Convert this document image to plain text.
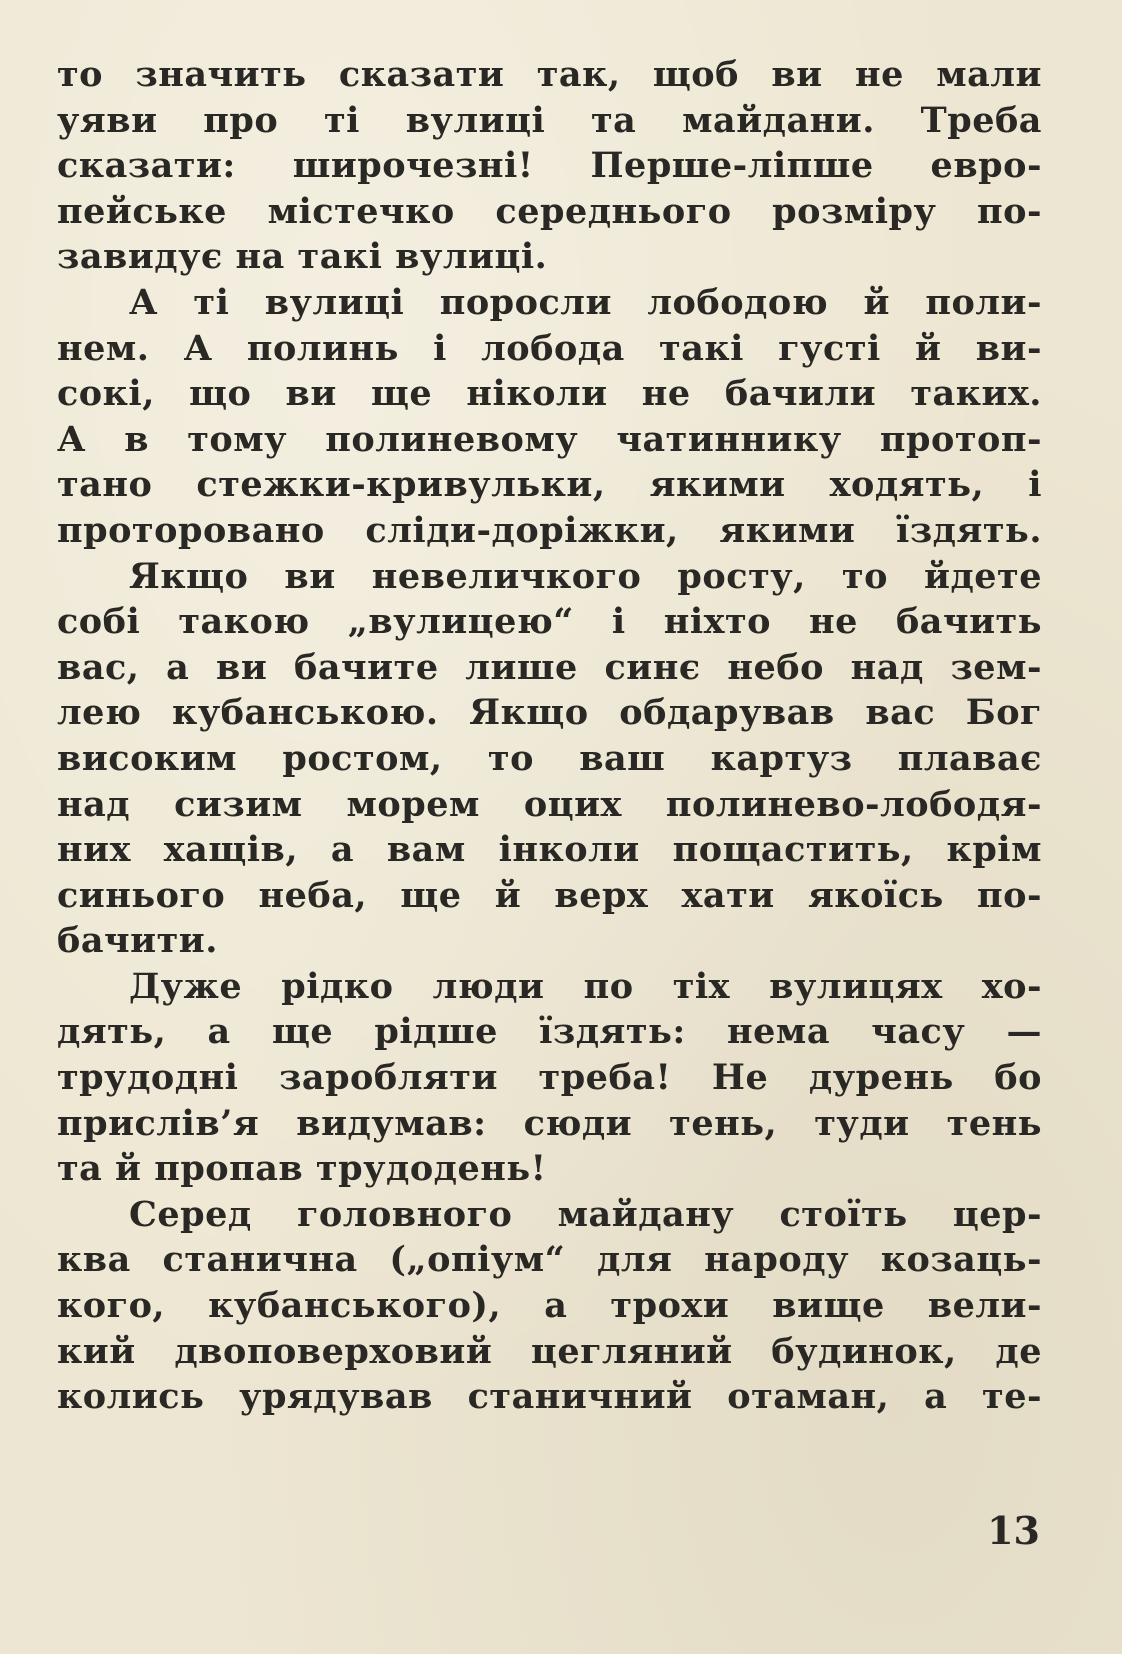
то значить сказати так, щоб ви не мали
уяви про ті вулиці та майдани. Треба
сказати: широчезні! Перше-ліпше евро-
пейське містечко середнього розміру по-
завидує на такі вулиці.
А ті вулиці поросли лободою й поли-
нем. А полинь і лобода такі густі й ви-
сокі, що ви ще ніколи не бачили таких.
А в тому полиневому чатиннику протоп-
тано стежки-кривульки, якими ходять, і
проторовано сліди-доріжки, якими їздять.
Якщо ви невеличкого росту, то йдете
собі такою „вулицею“ і ніхто не бачить
вас, а ви бачите лише синє небо над зем-
лею кубанською. Якщо обдарував вас Бог
високим ростом, то ваш картуз плаває
над сизим морем оцих полинево-лободя-
них хащів, а вам інколи пощастить, крім
синього неба, ще й верх хати якоїсь по-
бачити.
Дуже рідко люди по тіх вулицях хо-
дять, а ще рідше їздять: нема часу —
трудодні заробляти треба! Не дурень бо
прислів’я видумав: сюди тень, туди тень
та й пропав трудодень!
Серед головного майдану стоїть цер-
ква станична („опіум“ для народу козаць-
кого, кубанського), а трохи вище вели-
кий двоповерховий цегляний будинок, де
колись урядував станичний отаман, а те-
13
